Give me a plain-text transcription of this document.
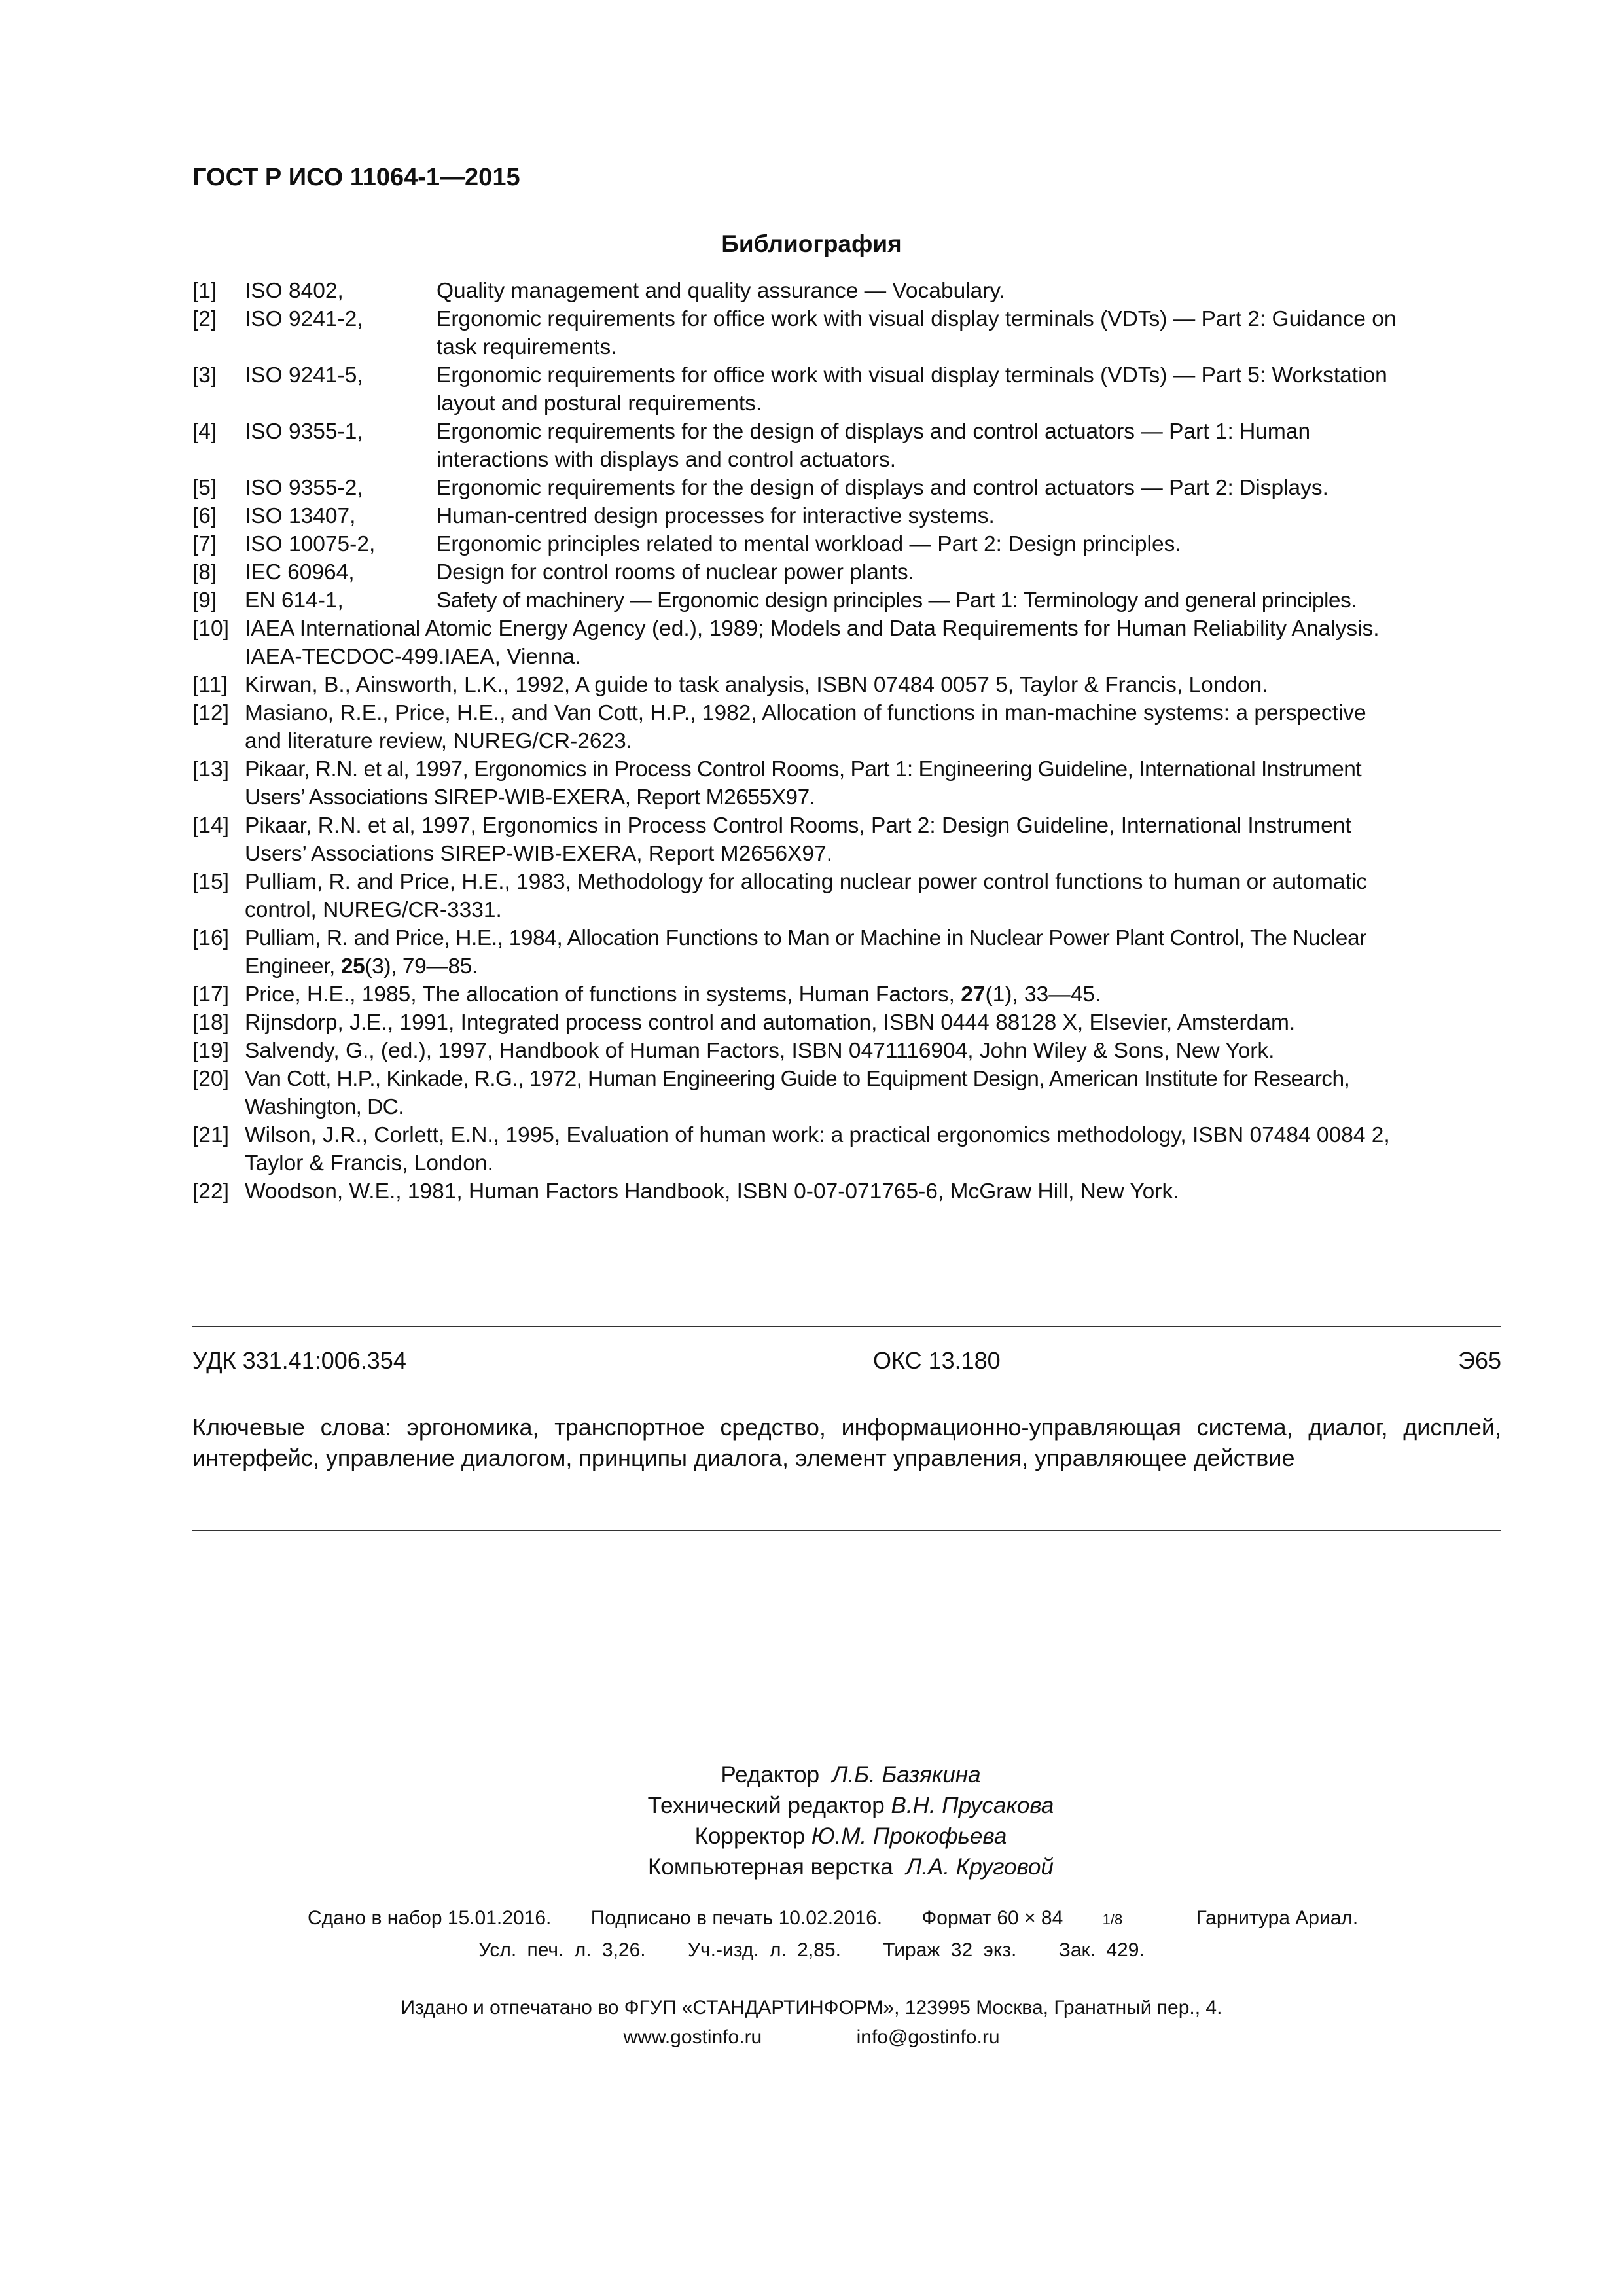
ГОСТ Р ИСО 11064-1—2015
Библиография
[1]	ISO 8402,	Quality management and quality assurance — Vocabulary.
[2]	ISO 9241-2,	Ergonomic requirements for office work with visual display terminals (VDTs) — Part 2: Guidance on
task requirements.
[3]	ISO 9241-5,	Ergonomic requirements for office work with visual display terminals (VDTs) — Part 5: Workstation
layout and postural requirements.
[4]	ISO 9355-1,	Ergonomic requirements for the design of displays and control actuators — Part 1: Human
interactions with displays and control actuators.
[5]	ISO 9355-2,	Ergonomic requirements for the design of displays and control actuators — Part 2: Displays.
[6]	ISO 13407,	Human-centred design processes for interactive systems.
[7]	ISO 10075-2,	Ergonomic principles related to mental workload — Part 2: Design principles.
[8]	IEC 60964,	Design for control rooms of nuclear power plants.
[9]	EN 614-1,	Safety of machinery — Ergonomic design principles — Part 1: Terminology and general principles.
[10] IAEA International Atomic Energy Agency (ed.), 1989; Models and Data Requirements for Human Reliability Analysis.
IAEA-TECDOC-499.IAEA, Vienna.
[11] Kirwan, B., Ainsworth, L.K., 1992, A guide to task analysis, ISBN 07484 0057 5, Taylor & Francis, London.
[12] Masiano, R.E., Price, H.E., and Van Cott, H.P., 1982, Allocation of functions in man-machine systems: a perspective
and literature review, NUREG/CR-2623.
[13] Pikaar, R.N. et al, 1997, Ergonomics in Process Control Rooms, Part 1: Engineering Guideline, International Instrument
Users’ Associations SIREP-WIB-EXERA, Report M2655X97.
[14] Pikaar, R.N. et al, 1997, Ergonomics in Process Control Rooms, Part 2: Design Guideline, International Instrument
Users’ Associations SIREP-WIB-EXERA, Report M2656X97.
[15] Pulliam, R. and Price, H.E., 1983, Methodology for allocating nuclear power control functions to human or automatic
control, NUREG/CR-3331.
[16] Pulliam, R. and Price, H.E., 1984, Allocation Functions to Man or Machine in Nuclear Power Plant Control, The Nuclear
Engineer, 25(3), 79—85.
[17] Price, H.E., 1985, The allocation of functions in systems, Human Factors, 27(1), 33—45.
[18] Rijnsdorp, J.E., 1991, Integrated process control and automation, ISBN 0444 88128 X, Elsevier, Amsterdam.
[19] Salvendy, G., (ed.), 1997, Handbook of Human Factors, ISBN 0471116904, John Wiley & Sons, New York.
[20] Van Cott, H.P., Kinkade, R.G., 1972, Human Engineering Guide to Equipment Design, American Institute for Research,
Washington, DC.
[21] Wilson, J.R., Corlett, E.N., 1995, Evaluation of human work: a practical ergonomics methodology, ISBN 07484 0084 2,
Taylor & Francis, London.
[22] Woodson, W.E., 1981, Human Factors Handbook, ISBN 0-07-071765-6, McGraw Hill, New York.
УДК 331.41:006.354	ОКС 13.180	Э65

Ключевые слова: эргономика, транспортное средство, информационно-управляющая система, диалог, дисплей, интерфейс, управление диалогом, принципы диалога, элемент управления, управляющее действие

Редактор Л.Б. Базякина
Технический редактор В.Н. Прусакова
Корректор Ю.М. Прокофьева
Компьютерная верстка Л.А. Круговой
Сдано в набор 15.01.2016. Подписано в печать 10.02.2016. Формат 60 × 84	1/8	Гарнитура Ариал.
Усл. печ. л. 3,26. Уч.-изд. л. 2,85. Тираж 32 экз. Зак. 429.
Издано и отпечатано во ФГУП «СТАНДАРТИНФОРМ», 123995 Москва, Гранатный пер., 4.
www.gostinfo.ru	info@gostinfo.ru
